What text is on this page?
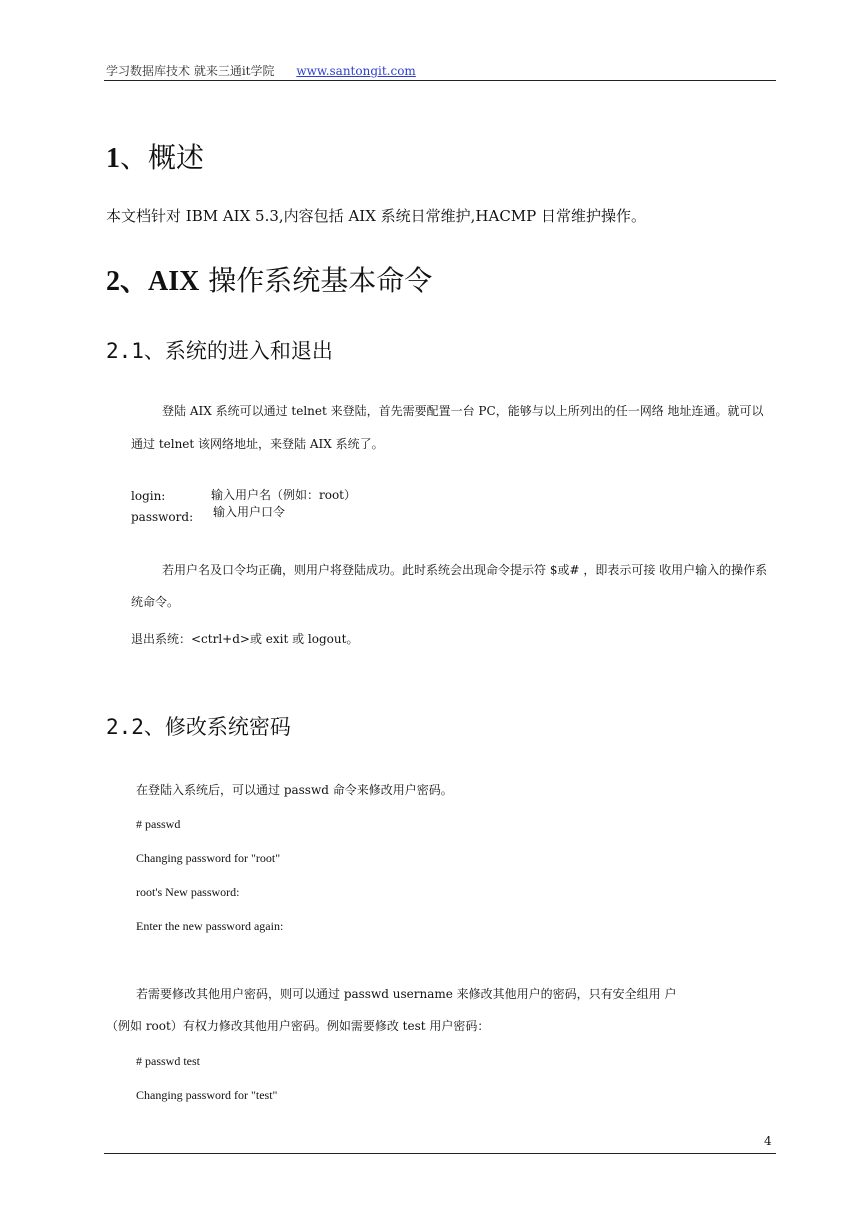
学习数据库技术 就来三通it学院 www.santongit.com
1、概述
本文档针对 IBM AIX 5.3,内容包括 AIX 系统日常维护,HACMP 日常维护操作。
2、AIX 操作系统基本命令
2.1、系统的进入和退出
登陆 AIX 系统可以通过 telnet 来登陆，首先需要配置一台 PC，能够与以上所列出的任一网络 地址连通。就可以
通过 telnet 该网络地址，来登陆 AIX 系统了。
login:	输入用户名（例如：root）
password: 输入用户口令
若用户名及口令均正确，则用户将登陆成功。此时系统会出现命令提示符 $或# ，即表示可接 收用户输入的操作系
统命令。
退出系统：<ctrl+d>或 exit 或 logout。
2.2、修改系统密码
在登陆入系统后，可以通过 passwd 命令来修改用户密码。
# passwd
Changing password for "root"
root's New password:
Enter the new password again:
若需要修改其他用户密码，则可以通过 passwd username 来修改其他用户的密码，只有安全组用 户
（例如 root）有权力修改其他用户密码。例如需要修改 test 用户密码：
# passwd test
Changing password for "test"
4
